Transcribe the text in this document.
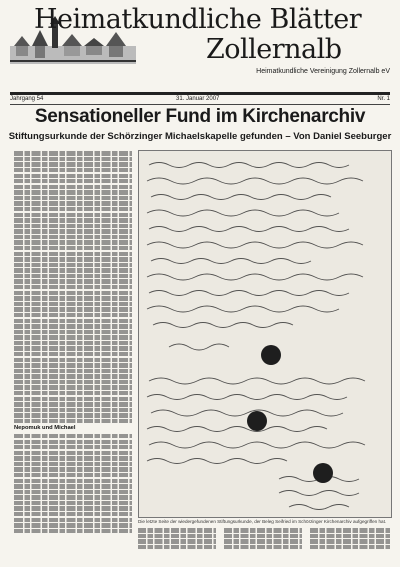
Heimatkundliche Blätter
Zollernalb
Heimatkundliche Vereinigung Zollernalb eV
Jahrgang 54	31. Januar 2007	Nr. 1
Sensationeller Fund im Kirchenarchiv
Stiftungsurkunde der Schörzinger Michaelskapelle gefunden – Von Daniel Seeburger
Nepomuk und Michael
Die letzte Seite der wiedergefundenen Stiftungsurkunde, der Beleg Seifried im Schörzinger Kirchenarchiv aufgegriffen hat.
